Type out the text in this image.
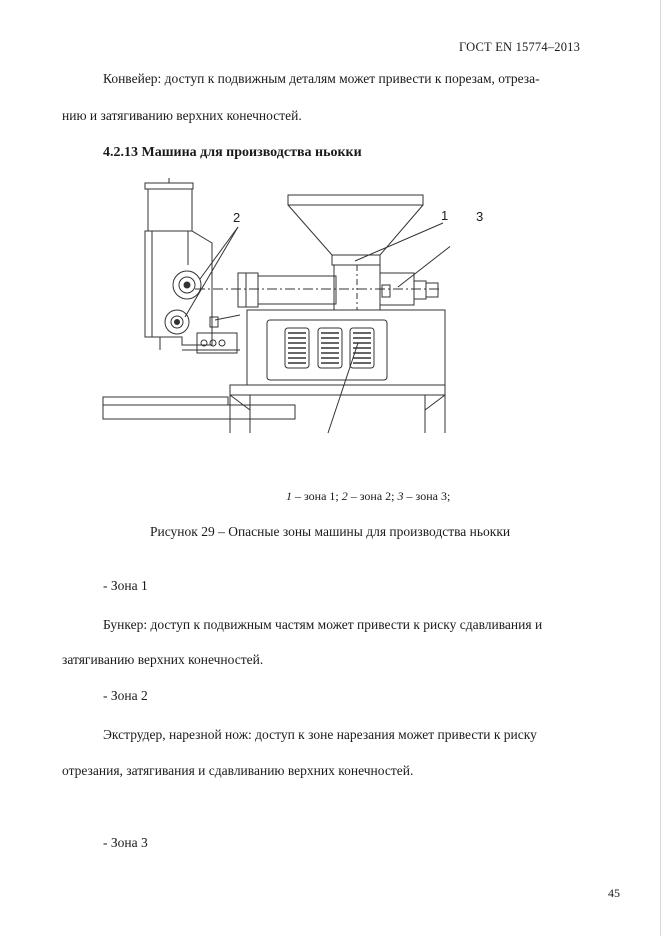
ГОСТ EN 15774–2013
Конвейер: доступ к подвижным деталям может привести к порезам, отреза-
нию и затягиванию верхних конечностей.
4.2.13 Машина для производства ньокки
2	1 3
1 – зона 1; 2 – зона 2; 3 – зона 3;
Рисунок 29 – Опасные зоны машины для производства ньокки
- Зона 1
Бункер: доступ к подвижным частям может привести к риску сдавливания и
затягиванию верхних конечностей.
- Зона 2
Экструдер, нарезной нож: доступ к зоне нарезания может привести к риску
отрезания, затягивания и сдавливанию верхних конечностей.
- Зона 3
45
